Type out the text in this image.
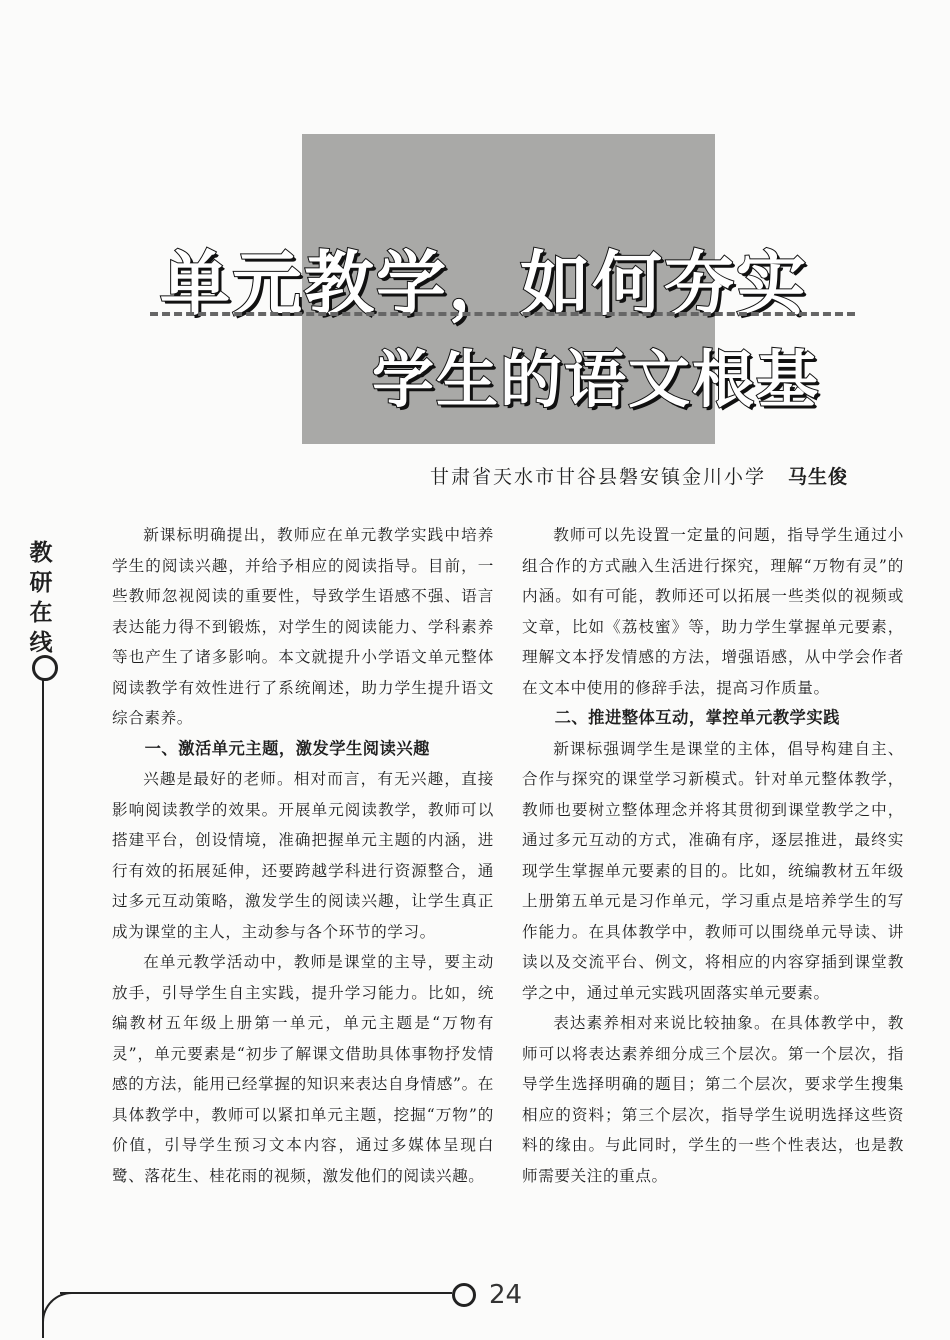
单元教学，如何夯实
学生的语文根基
甘肃省天水市甘谷县磐安镇金川小学 马生俊
教研在线
24

新课标明确提出，教师应在单元教学实践中培养学生的阅读兴趣，并给予相应的阅读指导。目前，一些教师忽视阅读的重要性，导致学生语感不强、语言表达能力得不到锻炼，对学生的阅读能力、学科素养等也产生了诸多影响。本文就提升小学语文单元整体阅读教学有效性进行了系统阐述，助力学生提升语文综合素养。

一、激活单元主题，激发学生阅读兴趣

兴趣是最好的老师。相对而言，有无兴趣，直接影响阅读教学的效果。开展单元阅读教学，教师可以搭建平台，创设情境，准确把握单元主题的内涵，进行有效的拓展延伸，还要跨越学科进行资源整合，通过多元互动策略，激发学生的阅读兴趣，让学生真正成为课堂的主人，主动参与各个环节的学习。

在单元教学活动中，教师是课堂的主导，要主动放手，引导学生自主实践，提升学习能力。比如，统编教材五年级上册第一单元，单元主题是“万物有灵”，单元要素是“初步了解课文借助具体事物抒发情感的方法，能用已经掌握的知识来表达自身情感”。在具体教学中，教师可以紧扣单元主题，挖掘“万物”的价值，引导学生预习文本内容，通过多媒体呈现白鹭、落花生、桂花雨的视频，激发他们的阅读兴趣。

教师可以先设置一定量的问题，指导学生通过小组合作的方式融入生活进行探究，理解“万物有灵”的内涵。如有可能，教师还可以拓展一些类似的视频或文章，比如《荔枝蜜》等，助力学生掌握单元要素，理解文本抒发情感的方法，增强语感，从中学会作者在文本中使用的修辞手法，提高习作质量。

二、推进整体互动，掌控单元教学实践

新课标强调学生是课堂的主体，倡导构建自主、合作与探究的课堂学习新模式。针对单元整体教学，教师也要树立整体理念并将其贯彻到课堂教学之中，通过多元互动的方式，准确有序，逐层推进，最终实现学生掌握单元要素的目的。比如，统编教材五年级上册第五单元是习作单元，学习重点是培养学生的写作能力。在具体教学中，教师可以围绕单元导读、讲读以及交流平台、例文，将相应的内容穿插到课堂教学之中，通过单元实践巩固落实单元要素。

表达素养相对来说比较抽象。在具体教学中，教师可以将表达素养细分成三个层次。第一个层次，指导学生选择明确的题目；第二个层次，要求学生搜集相应的资料；第三个层次，指导学生说明选择这些资料的缘由。与此同时，学生的一些个性表达，也是教师需要关注的重点。
